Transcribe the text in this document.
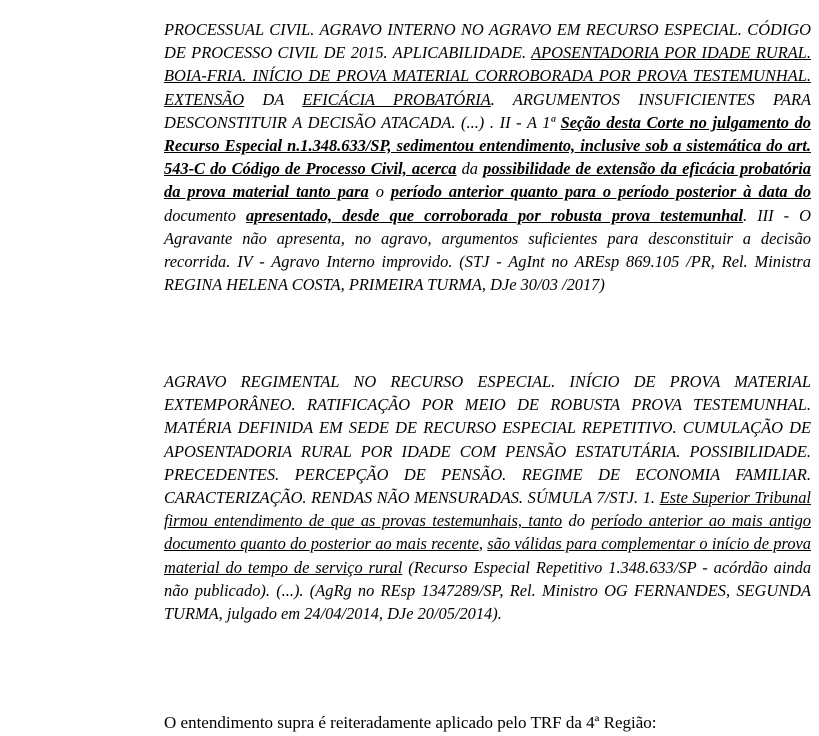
PROCESSUAL CIVIL. AGRAVO INTERNO NO AGRAVO EM RECURSO ESPECIAL. CÓDIGO DE PROCESSO CIVIL DE 2015. APLICABILIDADE. APOSENTADORIA POR IDADE RURAL. BOIA-FRIA. INÍCIO DE PROVA MATERIAL CORROBORADA POR PROVA TESTEMUNHAL. EXTENSÃO DA EFICÁCIA PROBATÓRIA. ARGUMENTOS INSUFICIENTES PARA DESCONSTITUIR A DECISÃO ATACADA. (...) . II - A 1ª Seção desta Corte no julgamento do Recurso Especial n.1.348.633/SP, sedimentou entendimento, inclusive sob a sistemática do art. 543-C do Código de Processo Civil, acerca da possibilidade de extensão da eficácia probatória da prova material tanto para o período anterior quanto para o período posterior à data do documento apresentado, desde que corroborada por robusta prova testemunhal. III - O Agravante não apresenta, no agravo, argumentos suficientes para desconstituir a decisão recorrida. IV - Agravo Interno improvido. (STJ - AgInt no AREsp 869.105 /PR, Rel. Ministra REGINA HELENA COSTA, PRIMEIRA TURMA, DJe 30/03 /2017)

AGRAVO REGIMENTAL NO RECURSO ESPECIAL. INÍCIO DE PROVA MATERIAL EXTEMPORÂNEO. RATIFICAÇÃO POR MEIO DE ROBUSTA PROVA TESTEMUNHAL. MATÉRIA DEFINIDA EM SEDE DE RECURSO ESPECIAL REPETITIVO. CUMULAÇÃO DE APOSENTADORIA RURAL POR IDADE COM PENSÃO ESTATUTÁRIA. POSSIBILIDADE. PRECEDENTES. PERCEPÇÃO DE PENSÃO. REGIME DE ECONOMIA FAMILIAR. CARACTERIZAÇÃO. RENDAS NÃO MENSURADAS. SÚMULA 7/STJ. 1. Este Superior Tribunal firmou entendimento de que as provas testemunhais, tanto do período anterior ao mais antigo documento quanto do posterior ao mais recente, são válidas para complementar o início de prova material do tempo de serviço rural (Recurso Especial Repetitivo 1.348.633/SP - acórdão ainda não publicado). (...). (AgRg no REsp 1347289/SP, Rel. Ministro OG FERNANDES, SEGUNDA TURMA, julgado em 24/04/2014, DJe 20/05/2014).

O entendimento supra é reiteradamente aplicado pelo TRF da 4ª Região:
